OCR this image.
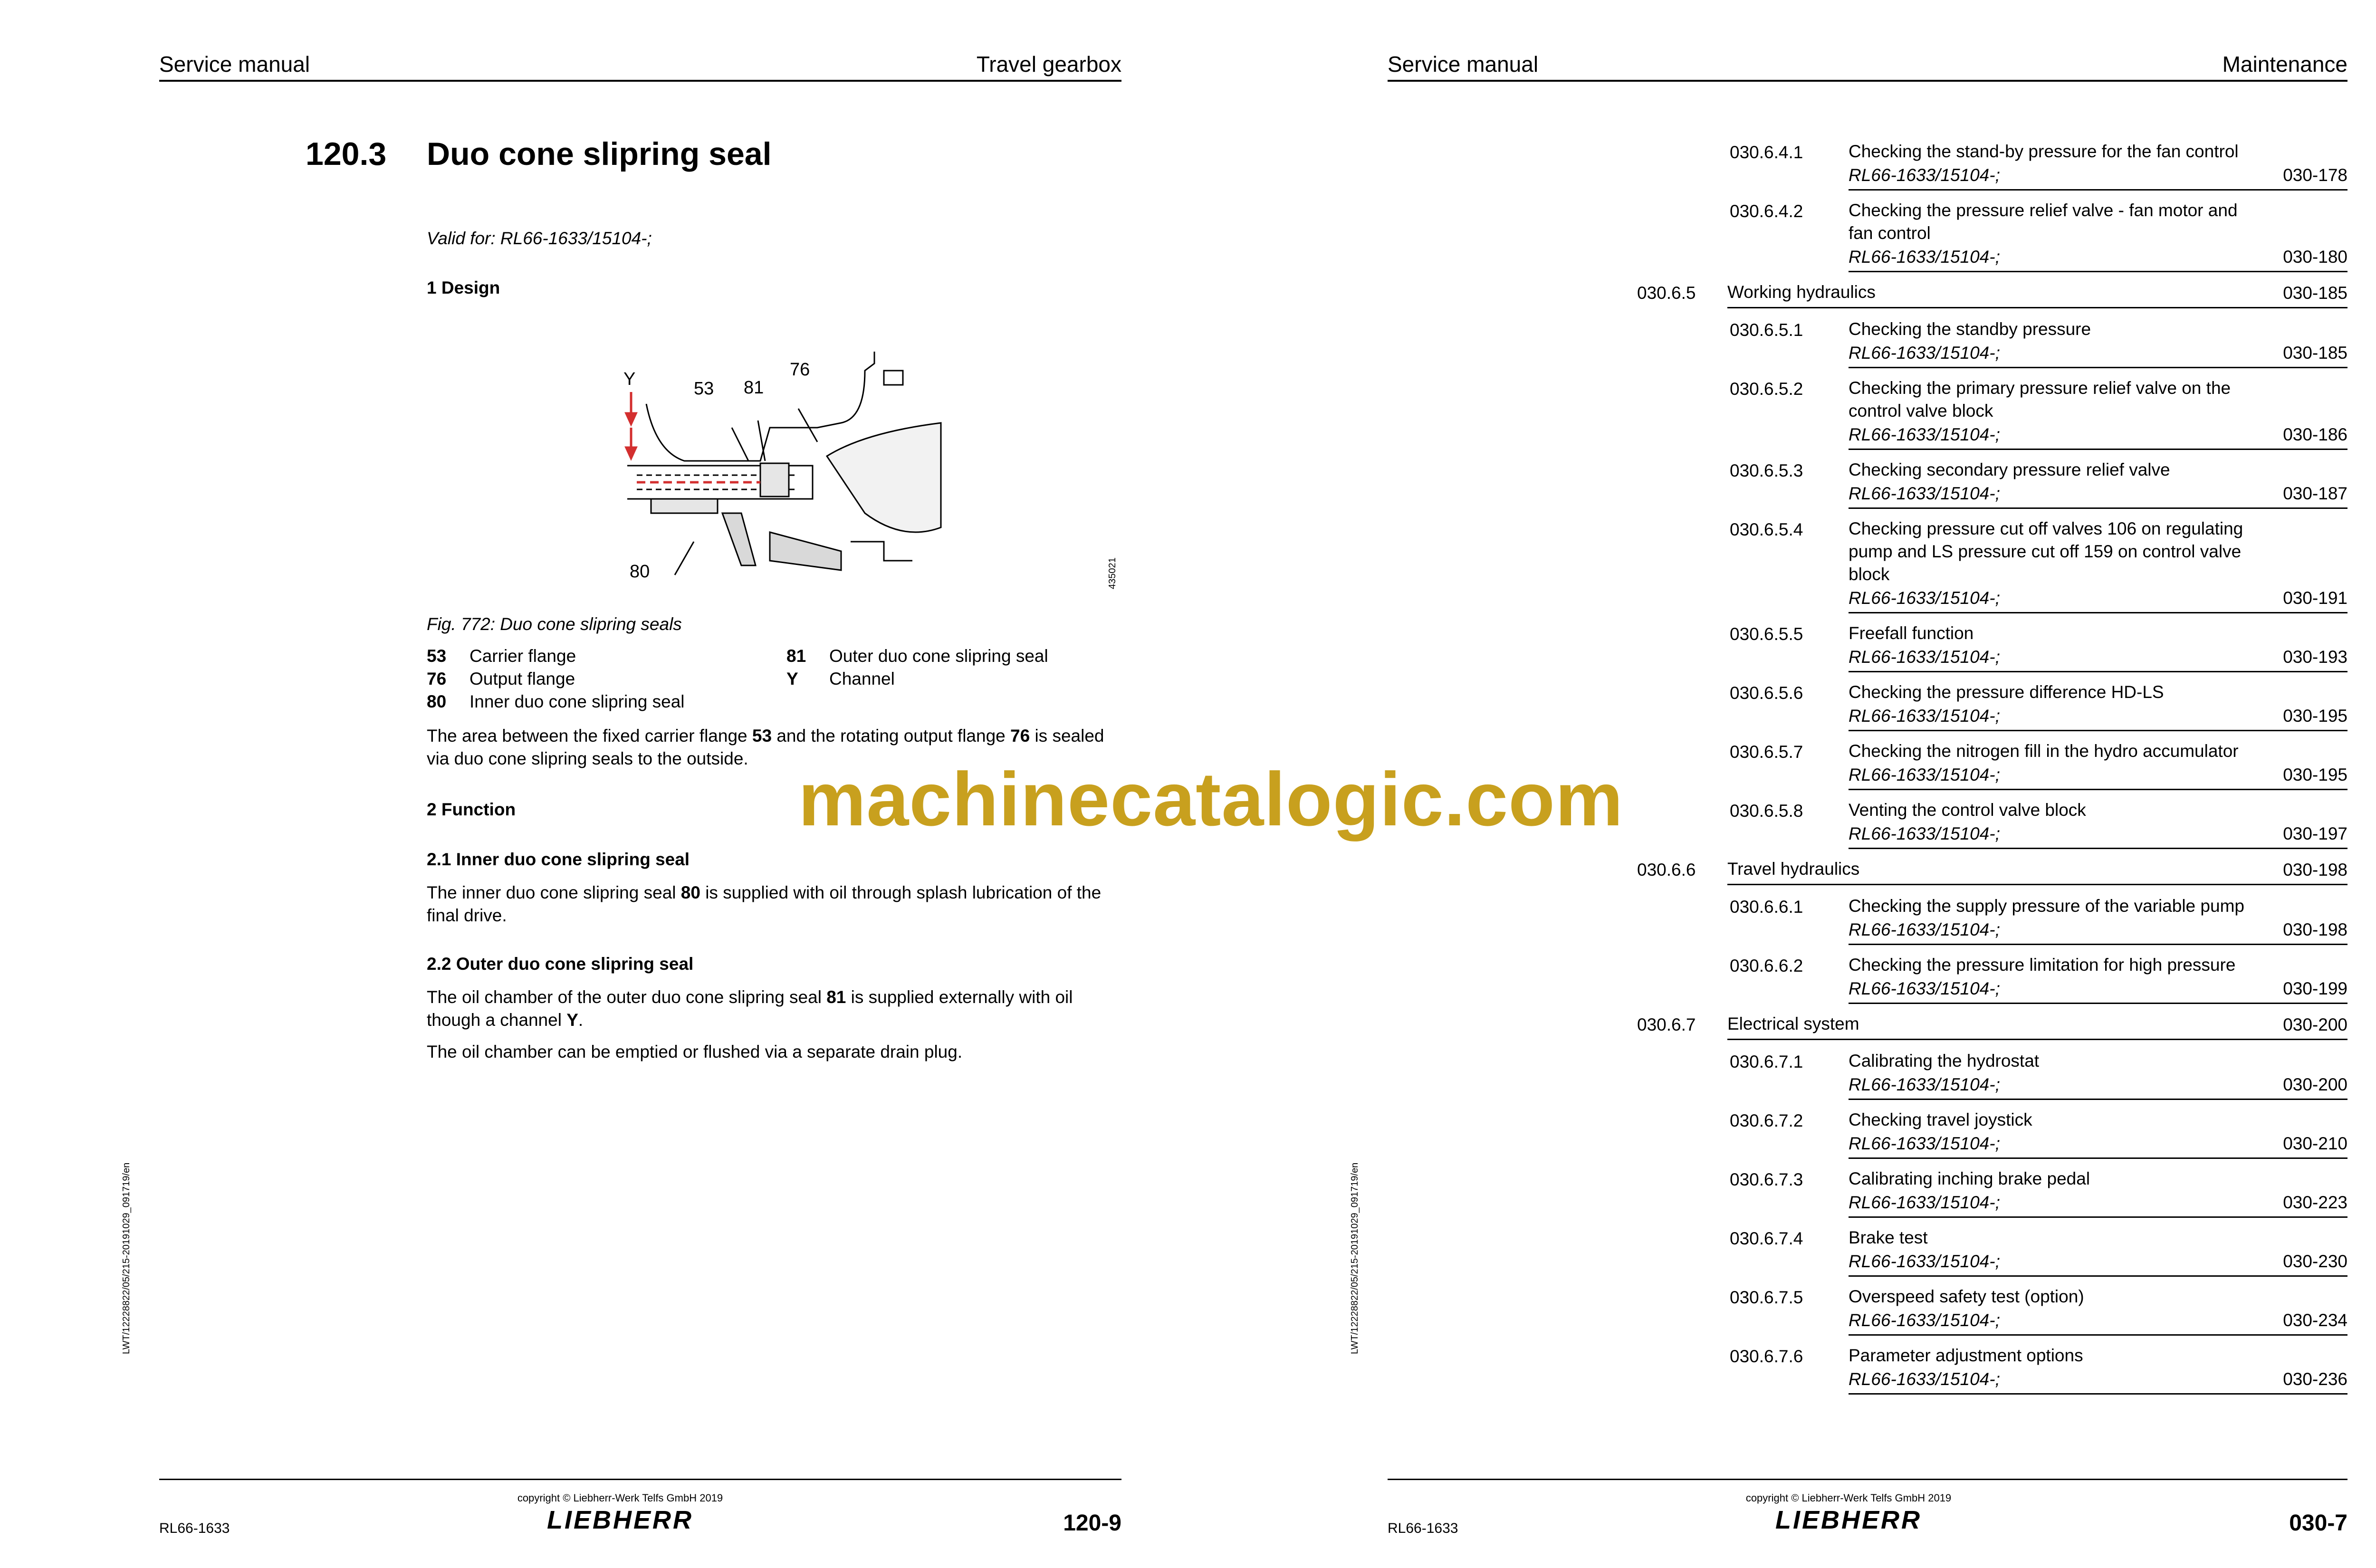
Service manual	Travel gearbox
120.3 Duo cone slipring seal
Valid for: RL66-1633/15104-;
1 Design
Y	53 81
76
80	435021
Fig. 772: Duo cone slipring seals
53 Carrier flange
76 Output flange
80 Inner duo cone slipring seal
81 Outer duo cone slipring seal
Y Channel
The area between the fixed carrier flange 53 and the rotating output flange 76 is sealed via duo cone slipring seals to the outside.
2 Function
2.1 Inner duo cone slipring seal
The inner duo cone slipring seal 80 is supplied with oil through splash lubrication of the final drive.
2.2 Outer duo cone slipring seal
The oil chamber of the outer duo cone slipring seal 81 is supplied externally with oil though a channel Y.
The oil chamber can be emptied or flushed via a separate drain plug.
LWT/12228822/05/215-20191029_091719/en
copyright © Liebherr-Werk Telfs GmbH 2019
LIEBHERR
RL66-1633	120-9
Service manual	Maintenance
030.6.4.1	Checking the stand-by pressure for the fan control
RL66-1633/15104-;	030-178
030.6.4.2	Checking the pressure relief valve - fan motor and
fan control
RL66-1633/15104-;	030-180
030.6.5 Working hydraulics	030-185
030.6.5.1	Checking the standby pressure
RL66-1633/15104-;	030-185
030.6.5.2	Checking the primary pressure relief valve on the
control valve block
RL66-1633/15104-;	030-186
030.6.5.3	Checking secondary pressure relief valve
RL66-1633/15104-;	030-187
030.6.5.4	Checking pressure cut off valves 106 on regulating
pump and LS pressure cut off 159 on control valve
block
RL66-1633/15104-;	030-191
030.6.5.5	Freefall function
RL66-1633/15104-;	030-193
030.6.5.6	Checking the pressure difference HD-LS
RL66-1633/15104-;	030-195
030.6.5.7	Checking the nitrogen fill in the hydro accumulator
RL66-1633/15104-;	030-195
030.6.5.8	Venting the control valve block
RL66-1633/15104-;	030-197
030.6.6 Travel hydraulics	030-198
030.6.6.1	Checking the supply pressure of the variable pump
RL66-1633/15104-;	030-198
030.6.6.2	Checking the pressure limitation for high pressure
RL66-1633/15104-;	030-199
030.6.7 Electrical system	030-200
030.6.7.1	Calibrating the hydrostat
RL66-1633/15104-;	030-200
030.6.7.2	Checking travel joystick
RL66-1633/15104-;	030-210
030.6.7.3	Calibrating inching brake pedal
RL66-1633/15104-;	030-223
030.6.7.4	Brake test
RL66-1633/15104-;	030-230
030.6.7.5	Overspeed safety test (option)
RL66-1633/15104-;	030-234
030.6.7.6	Parameter adjustment options
RL66-1633/15104-;	030-236
LWT/12228822/05/215-20191029_091719/en
copyright © Liebherr-Werk Telfs GmbH 2019
LIEBHERR
RL66-1633	030-7
machinecatalogic.com
